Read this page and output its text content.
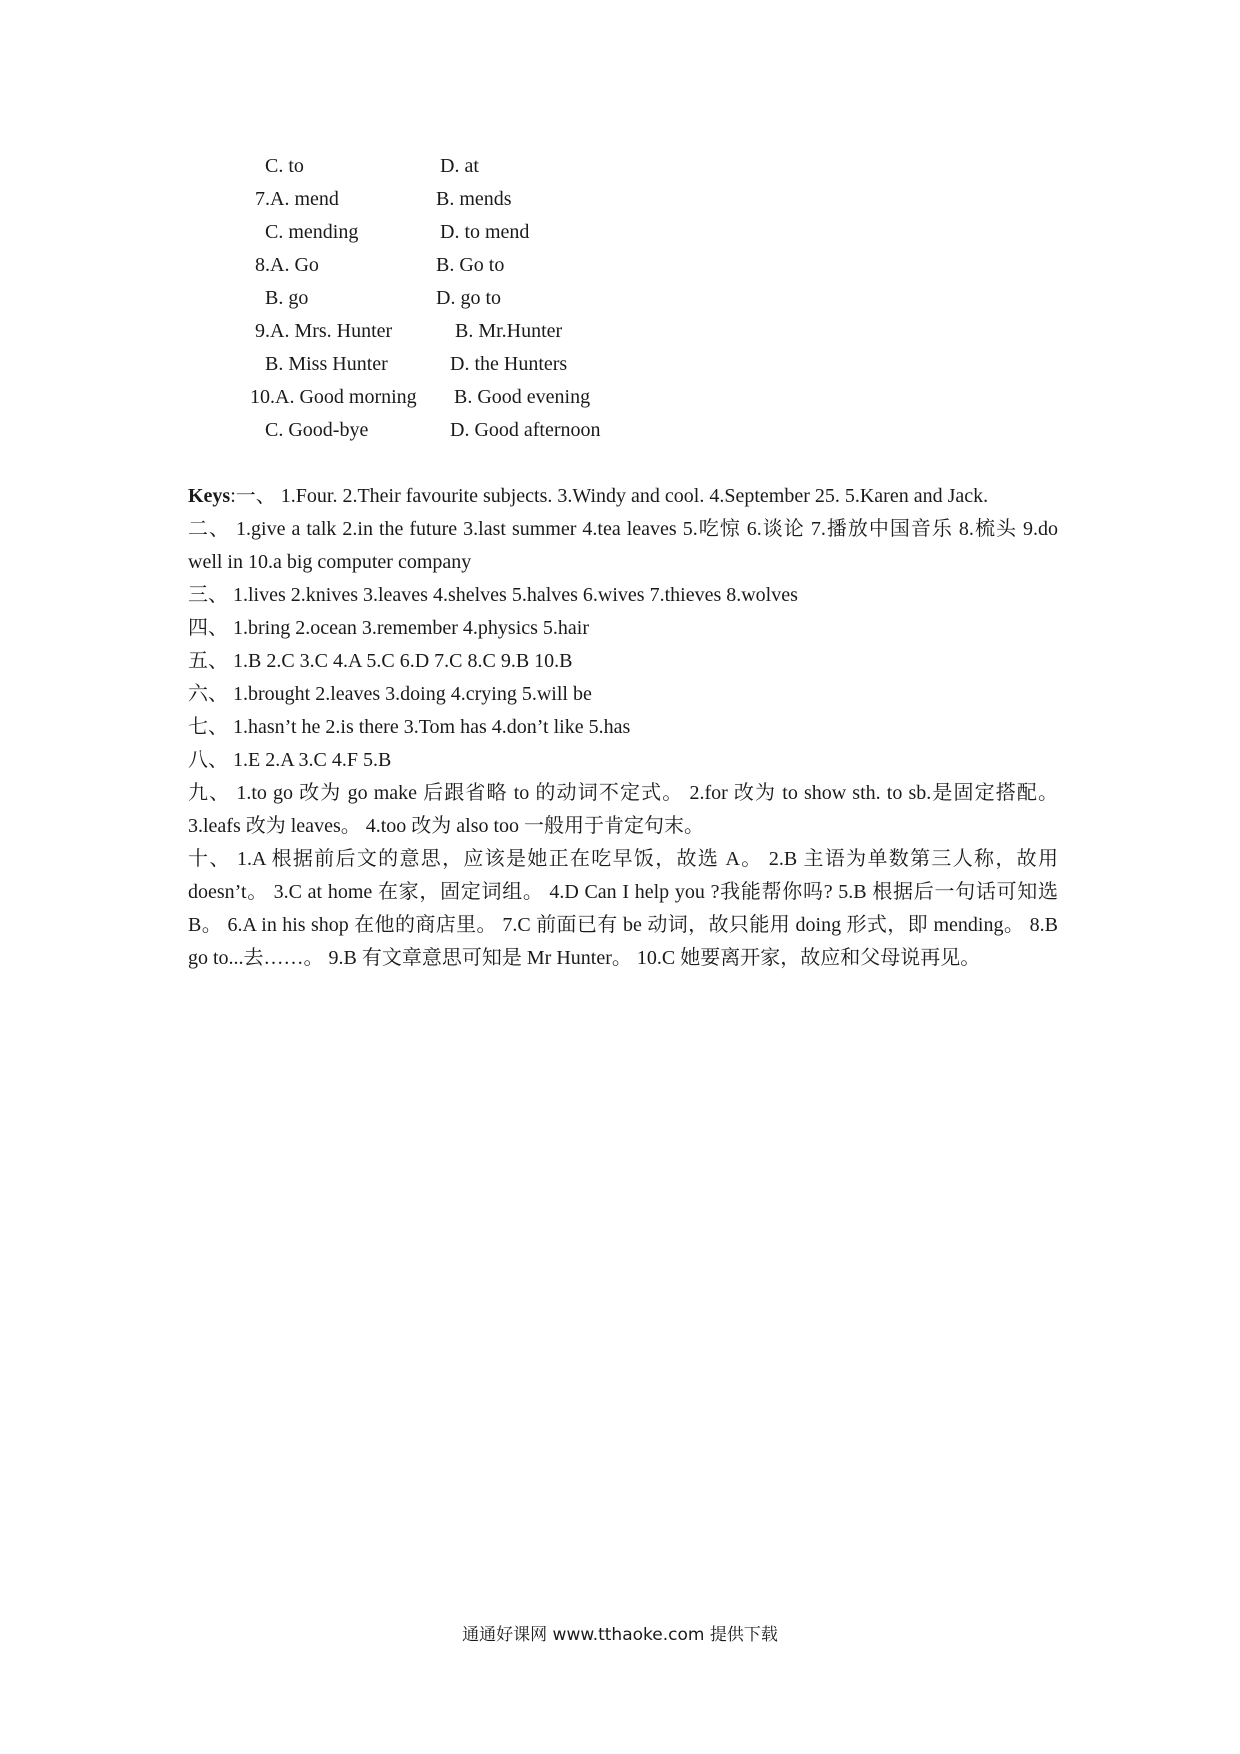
C. to	D. at
7.A. mend	B. mends
C. mending	D. to mend
8.A. Go	B. Go to
B. go	D. go to
9.A. Mrs. Hunter	B. Mr.Hunter
B. Miss Hunter	D. the Hunters
10.A. Good morning B. Good evening
C. Good-bye	D. Good afternoon

Keys:一、 1.Four. 2.Their favourite subjects. 3.Windy and cool. 4.September 25. 5.Karen and Jack.

二、 1.give a talk 2.in the future 3.last summer 4.tea leaves 5.吃惊 6.谈论 7.播放中国音乐 8.梳头 9.do well in 10.a big computer company

三、 1.lives 2.knives 3.leaves 4.shelves 5.halves 6.wives 7.thieves 8.wolves

四、 1.bring 2.ocean 3.remember 4.physics 5.hair

五、 1.B 2.C 3.C 4.A 5.C 6.D 7.C 8.C 9.B 10.B

六、 1.brought 2.leaves 3.doing 4.crying 5.will be

七、 1.hasn’t he 2.is there 3.Tom has 4.don’t like 5.has

八、 1.E 2.A 3.C 4.F 5.B

九、 1.to go 改为 go make 后跟省略 to 的动词不定式。 2.for 改为 to show sth. to sb.是固定搭配。 3.leafs 改为 leaves。 4.too 改为 also too 一般用于肯定句末。

十、 1.A 根据前后文的意思，应该是她正在吃早饭，故选 A。 2.B 主语为单数第三人称，故用 doesn’t。 3.C at home 在家，固定词组。 4.D Can I help you ?我能帮你吗? 5.B 根据后一句话可知选 B。 6.A in his shop 在他的商店里。 7.C 前面已有 be 动词，故只能用 doing 形式，即 mending。 8.B go to...去……。 9.B 有文章意思可知是 Mr Hunter。 10.C 她要离开家，故应和父母说再见。

通通好课网 www.tthaoke.com 提供下载
